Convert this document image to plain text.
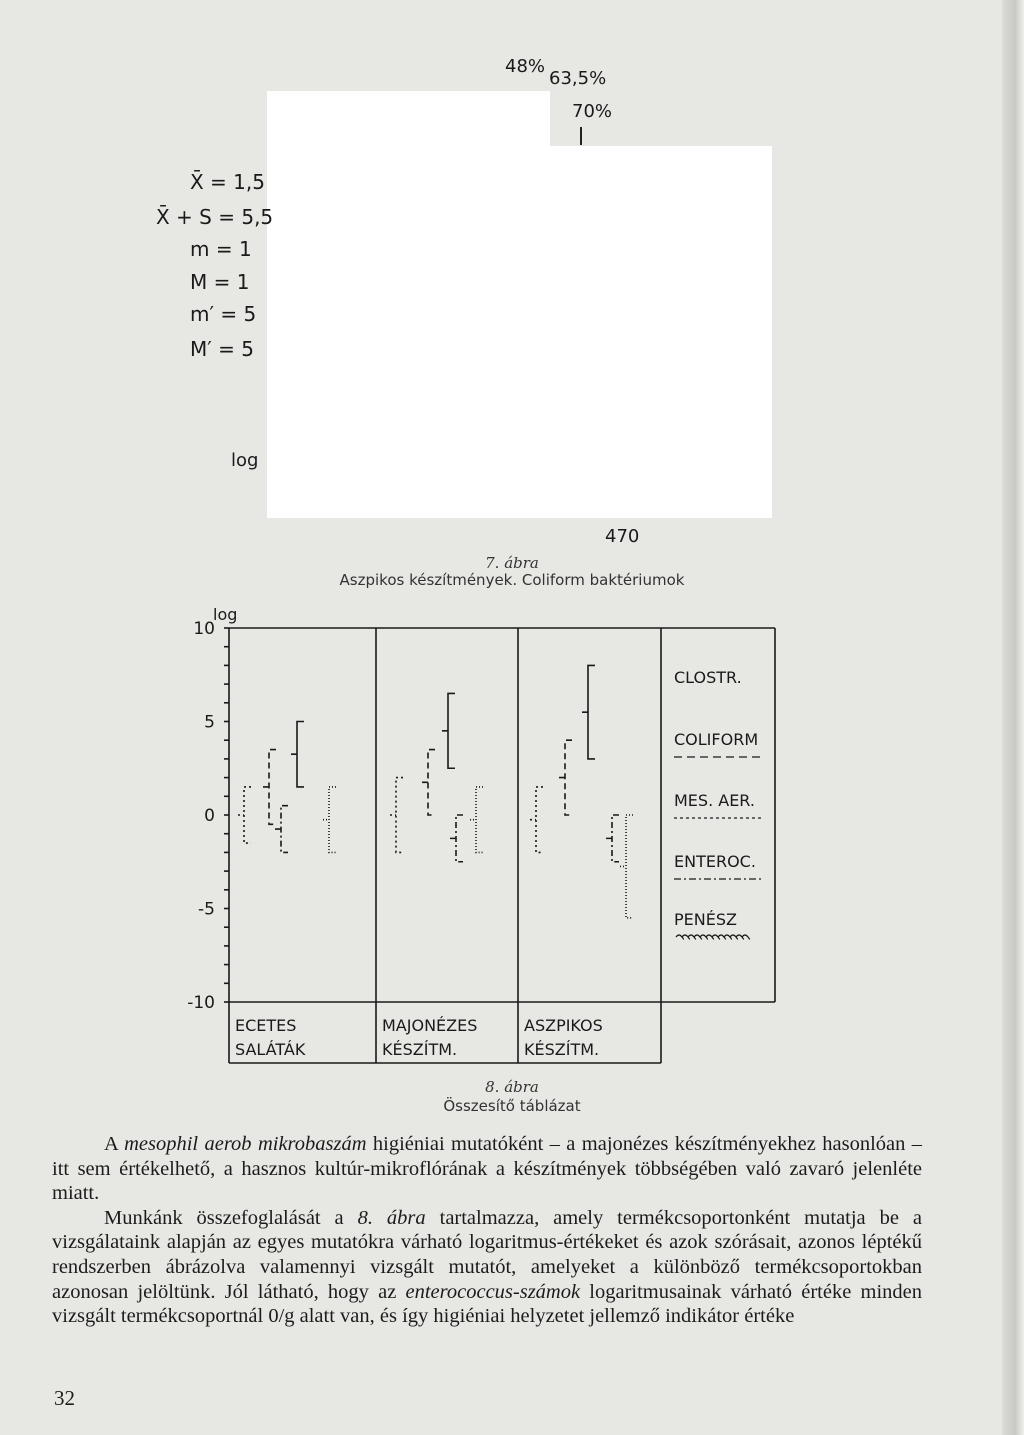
48%
63,5%
70%
X̄ = 1,5
X̄ + S = 5,5
m = 1
M = 1
m′ = 5
M′ = 5
log
470
7. ábra
Aszpikos készítmények. Coliform baktériumok
10
5
0
-5
-10
log
ECETES
SALÁTÁK
MAJONÉZES
KÉSZÍTM.
ASZPIKOS
KÉSZÍTM.
CLOSTR.
COLIFORM
MES. AER.
ENTEROC.
PENÉSZ
8. ábra
Összesítő táblázat

A mesophil aerob mikrobaszám higiéniai mutatóként – a majonézes készítményekhez hasonlóan – itt sem értékelhető, a hasznos kultúr-mikroflórának a készítmények többségében való zavaró jelenléte miatt.

Munkánk összefoglalását a 8. ábra tartalmazza, amely termékcsoportonként mutatja be a vizsgálataink alapján az egyes mutatókra várható logaritmus-értékeket és azok szórásait, azonos léptékű rendszerben ábrázolva valamennyi vizsgált mutatót, amelyeket a különböző termékcsoportokban azonosan jelöltünk. Jól látható, hogy az enterococcus-számok logaritmusainak várható értéke minden vizsgált termékcsoportnál 0/g alatt van, és így higiéniai helyzetet jellemző indikátor értéke

32
